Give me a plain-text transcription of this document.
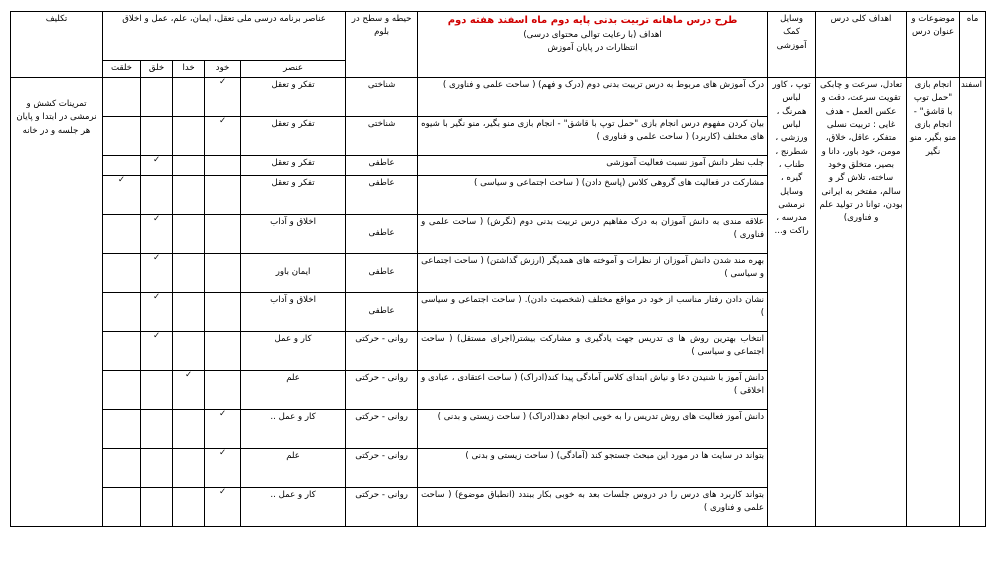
ماه	موضوعات و عنوان درس	اهداف کلی درس	وسایل کمک آموزشی	طرح درس ماهانه تربیت بدنی پایه دوم ماه اسفند هفته دوم
اهداف (با رعایت توالی محتوای درسی)
انتظارات در پایان آموزش	حیطه و سطح در بلوم	عناصر برنامه درسی ملی تعقل، ایمان، علم، عمل و اخلاق					تکلیف
						عنصر	خود	خدا	خلق	خلقت	
اسفند	انجام بازی "حمل توپ با قاشق" - انجام بازی منو بگیر، منو نگیر	تعادل، سرعت و چابکی تقویت سرعت، دقت و عکس العمل - هدف غایی : تربیت نسلی متفکر، عاقل، خلاق، مومن، خود باور، دانا و بصیر، متخلق وخود ساخته، تلاش گر و سالم، مفتخر به ایرانی بودن، توانا در تولید علم و فناوری)	توپ ، کاور لباس همرنگ ، لباس ورزشی ، شطرنج ، طناب ، گیره ، وسایل نرمشی مدرسه ، راکت و...	درک آموزش های مربوط به درس تربیت بدنی دوم (درک و فهم) ( ساحت علمی و فناوری )	شناختی	تفکر و تعقل	✓				تمرینات کشش و نرمشی در ابتدا و پایان هر جلسه و در خانه
				بیان کردن مفهوم درس انجام بازی "حمل توپ با قاشق" - انجام بازی منو بگیر، منو نگیر با شیوه های مختلف (کاربرد) ( ساحت علمی و فناوری )	شناختی	تفکر و تعقل	✓				
				جلب نظر دانش آموز نسبت فعالیت آموزشی	عاطفی	تفکر و تعقل			✓		
				مشارکت در فعالیت های گروهی کلاس (پاسخ دادن) ( ساحت اجتماعی و سیاسی )	عاطفی	تفکر و تعقل				✓	
				علاقه مندی به دانش آموزان به درک مفاهیم درس تربیت بدنی دوم (نگرش) ( ساحت علمی و فناوری )	عاطفی	اخلاق و آداب			✓		
				بهره مند شدن دانش آموزان از نظرات و آموخته های همدیگر (ارزش گذاشتن) ( ساحت اجتماعی و سیاسی )	عاطفی	ایمان باور			✓		
				نشان دادن رفتار مناسب از خود در مواقع مختلف (شخصیت دادن). ( ساحت اجتماعی و سیاسی )	عاطفی	اخلاق و آداب			✓		
				انتخاب بهترین روش ها ی تدریس جهت یادگیری و مشارکت بیشتر(اجرای مستقل) ( ساحت اجتماعی و سیاسی )	روانی - حرکتی	کار و عمل			✓		
				دانش آموز با شنیدن دعا و نیاش ابتدای کلاس آمادگی پیدا کند(ادراک) ( ساحت اعتقادی ، عبادی و اخلاقی )	روانی - حرکتی	علم		✓			
				دانش آموز فعالیت های روش تدریس را به خوبی انجام دهد(ادراک) ( ساحت زیستی و بدنی )	روانی - حرکتی	کار و عمل ..	✓				
				بتواند در سایت ها در مورد این مبحث جستجو کند (آمادگی) ( ساحت زیستی و بدنی )	روانی - حرکتی	علم	✓				
				بتواند کاربرد های درس را در دروس جلسات بعد به خوبی بکار ببندد (انطباق موضوع) ( ساحت علمی و فناوری )	روانی - حرکتی	کار و عمل ..	✓				
